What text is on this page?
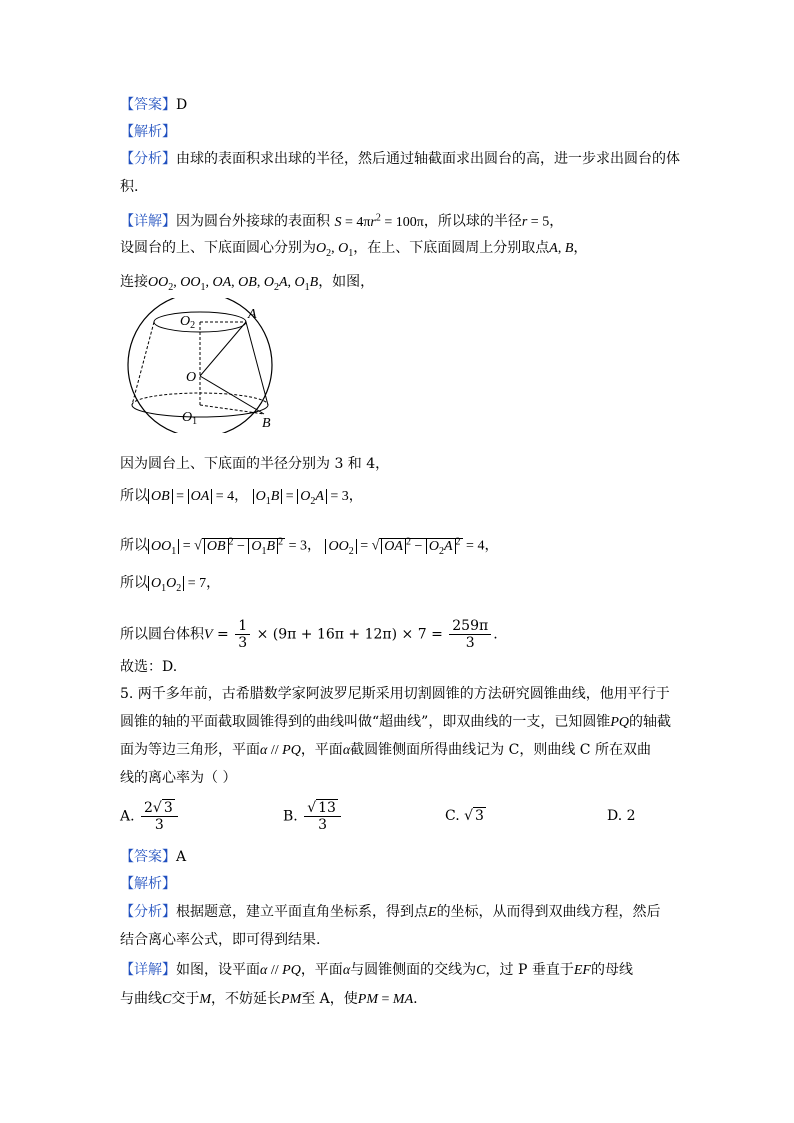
【答案】D
【解析】
【分析】由球的表面积求出球的半径，然后通过轴截面求出圆台的高，进一步求出圆台的体
积.
【详解】因为圆台外接球的表面积 $S = 4\pi r^2 = 100\pi$，所以球的半径r = 5，
设圆台的上、下底面圆心分别为$O_2$, $O_1$，在上、下底面圆周上分别取点A, B，
连接$OO_2$, $OO_1$, OA, OB, $O_2A$, $O_1B$，如图，
$O_2$
A
O
$O_1$	B
因为圆台上、下底面的半径分别为 3 和 4，
所以 OB = OA = 4， $O_1B = O_2A = 3$，
所以 $OO_1$ = √ OB $^2 - O_1B$ $^2$ = 3， $OO_2$ = √ OA $^2 - O_2A$ $^2$ = 4，
所以 $O_1O_2 = 7$，
所以圆台体积$V = \frac{1}{3} \times (9\pi + 16\pi + 12\pi) \times 7 = \frac{259\pi}{3}$ .
故选：D.
5. 两千多年前，古希腊数学家阿波罗尼斯采用切割圆锥的方法研究圆锥曲线，他用平行于
圆锥的轴的平面截取圆锥得到的曲线叫做“超曲线”，即双曲线的一支，已知圆锥PQ的轴截
面为等边三角形，平面α // PQ，平面α截圆锥侧面所得曲线记为 C，则曲线 C 所在双曲
线的离心率为（ ）
A. $\frac{2√ 3}{3}$	B. $\frac{√ 13}{3}$	C. √ 3	D. 2
【答案】A
【解析】
【分析】根据题意，建立平面直角坐标系，得到点E的坐标，从而得到双曲线方程，然后
结合离心率公式，即可得到结果.
【详解】如图，设平面α // PQ，平面α与圆锥侧面的交线为C，过 P 垂直于EF的母线
与曲线C交于M，不妨延长PM至 A，使PM = MA.
